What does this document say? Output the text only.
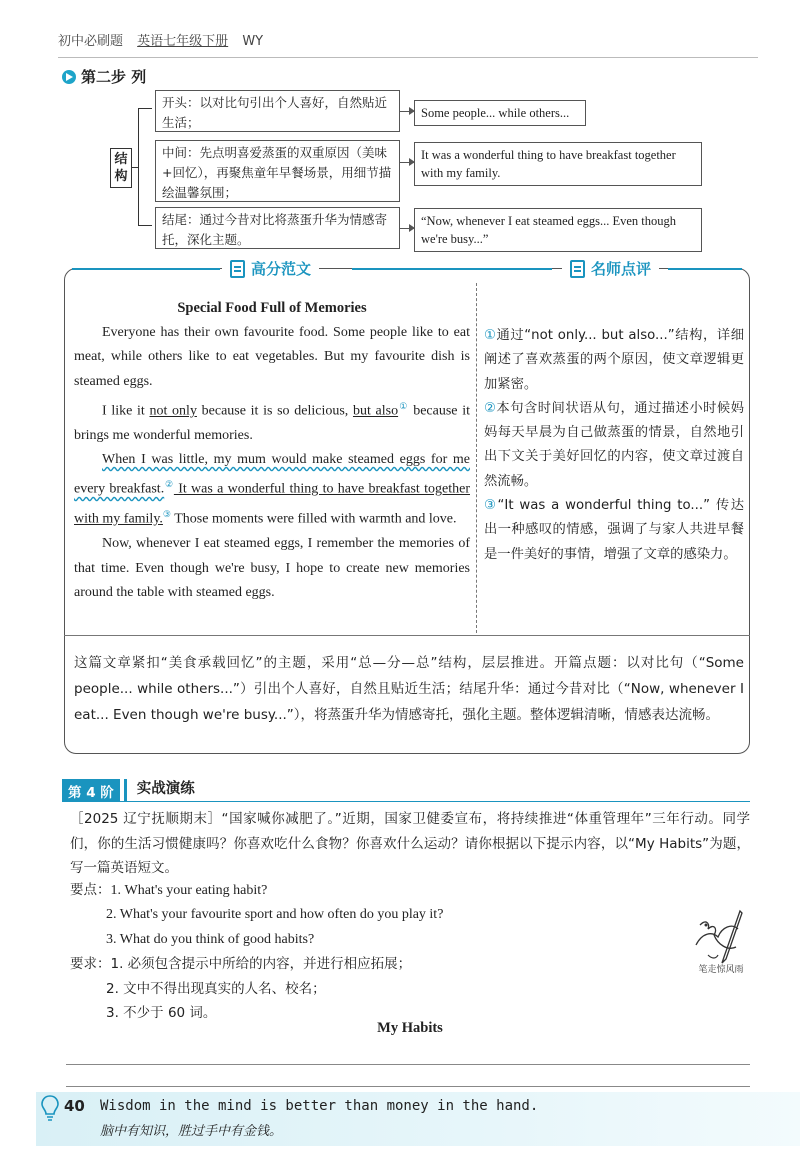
初中必刷题 英语七年级下册 WY
第二步 列
结构
开头：以对比句引出个人喜好，自然贴近生活；
Some people... while others...
中间：先点明喜爱蒸蛋的双重原因（美味+回忆），再聚焦童年早餐场景，用细节描绘温馨氛围；
It was a wonderful thing to have breakfast together with my family.
结尾：通过今昔对比将蒸蛋升华为情感寄托，深化主题。
“Now, whenever I eat steamed eggs... Even though we're busy...”
高分范文	名师点评
Special Food Full of Memories

Everyone has their own favourite food. Some people like to eat meat, while others like to eat vegetables. But my favourite dish is steamed eggs.

I like it not only because it is so delicious, but also① because it brings me wonderful memories.

When I was little, my mum would make steamed eggs for me every breakfast.② It was a wonderful thing to have breakfast together with my family.③ Those moments were filled with warmth and love.

Now, whenever I eat steamed eggs, I remember the memories of that time. Even though we're busy, I hope to create new memories around the table with steamed eggs.

①通过“not only... but also...”结构，详细阐述了喜欢蒸蛋的两个原因，使文章逻辑更加紧密。
②本句含时间状语从句，通过描述小时候妈妈每天早晨为自己做蒸蛋的情景，自然地引出下文关于美好回忆的内容，使文章过渡自然流畅。
③“It was a wonderful thing to...” 传达出一种感叹的情感，强调了与家人共进早餐是一件美好的事情，增强了文章的感染力。
这篇文章紧扣“美食承载回忆”的主题，采用“总—分—总”结构，层层推进。开篇点题：以对比句（“Some people... while others...”）引出个人喜好，自然且贴近生活；结尾升华：通过今昔对比（“Now, whenever I eat... Even though we're busy...”），将蒸蛋升华为情感寄托，强化主题。整体逻辑清晰，情感表达流畅。
第 4 阶	实战演练
［2025 辽宁抚顺期末］“国家喊你减肥了。”近期，国家卫健委宣布，将持续推进“体重管理年”三年行动。同学们，你的生活习惯健康吗？你喜欢吃什么食物？你喜欢什么运动？请你根据以下提示内容，以“My Habits”为题，写一篇英语短文。
要点：1. What's your eating habit?
2. What's your favourite sport and how often do you play it?
3. What do you think of good habits?
要求：1. 必须包含提示中所给的内容，并进行相应拓展；
2. 文中不得出现真实的人名、校名；
3. 不少于 60 词。
笔走惊风雨
My Habits
40 Wisdom in the mind is better than money in the hand.
脑中有知识，胜过手中有金钱。
